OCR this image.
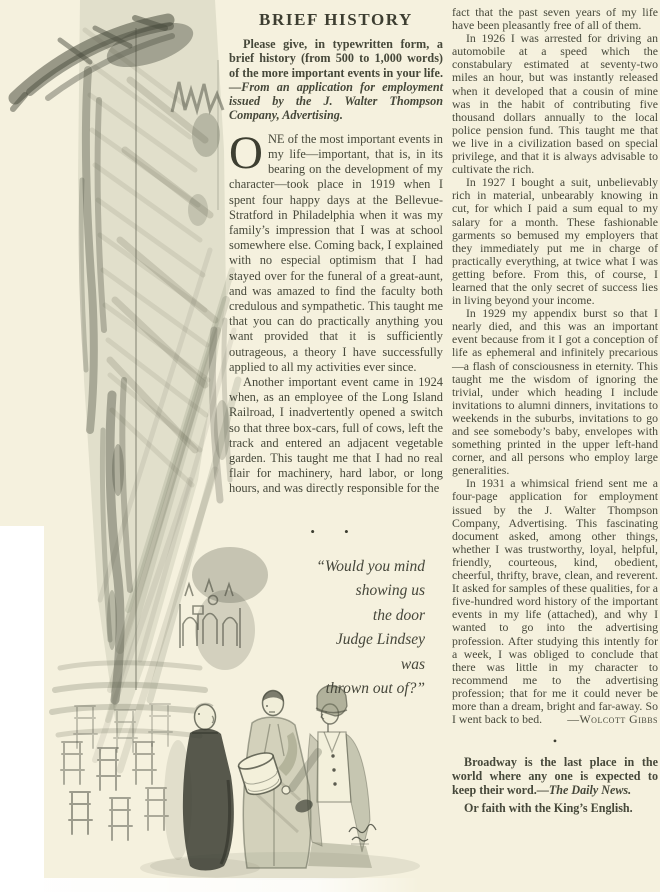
BRIEF HISTORY

Please give, in typewritten form, a brief history (from 500 to 1,000 words) of the more important events in your life.—From an application for employment issued by the J. Walter Thompson Company, Advertising.

ONE of the most important events in my life—important, that is, in its bearing on the development of my character—took place in 1919 when I spent four happy days at the Bellevue-Stratford in Philadelphia when it was my family’s impression that I was at school somewhere else. Coming back, I explained with no especial optimism that I had stayed over for the funeral of a great-aunt, and was amazed to find the faculty both credulous and sympathetic. This taught me that you can do practically anything you want provided that it is sufficiently outrageous, a theory I have successfully applied to all my activities ever since.

Another important event came in 1924 when, as an employee of the Long Island Railroad, I inadvertently opened a switch so that three box-cars, full of cows, left the track and entered an adjacent vegetable garden. This taught me that I had no real flair for machinery, hard labor, or long hours, and was directly responsible for the

• •
“Would you mind
showing us
the door
Judge Lindsey
was
thrown out of?”

fact that the past seven years of my life have been pleasantly free of all of them.

In 1926 I was arrested for driving an automobile at a speed which the constabulary estimated at seventy-two miles an hour, but was instantly released when it developed that a cousin of mine was in the habit of contributing five thousand dollars annually to the local police pension fund. This taught me that we live in a civilization based on special privilege, and that it is always advisable to cultivate the rich.

In 1927 I bought a suit, unbelievably rich in material, unbearably knowing in cut, for which I paid a sum equal to my salary for a month. These fashionable garments so bemused my employers that they immediately put me in charge of practically everything, at twice what I was getting before. From this, of course, I learned that the only secret of success lies in living beyond your income.

In 1929 my appendix burst so that I nearly died, and this was an important event because from it I got a conception of life as ephemeral and infinitely precarious—a flash of consciousness in eternity. This taught me the wisdom of ignoring the trivial, under which heading I include invitations to alumni dinners, invitations to weekends in the suburbs, invitations to go and see somebody’s baby, envelopes with something printed in the upper left-hand corner, and all persons who employ large generalities.

In 1931 a whimsical friend sent me a four-page application for employment issued by the J. Walter Thompson Company, Advertising. This fascinating document asked, among other things, whether I was trustworthy, loyal, helpful, friendly, courteous, kind, obedient, cheerful, thrifty, brave, clean, and reverent. It asked for samples of these qualities, for a five-hundred word history of the important events in my life (attached), and why I wanted to go into the advertising profession. After studying this intently for a week, I was obliged to conclude that there was little in my character to recommend me to the advertising profession; that for me it could never be more than a dream, bright and far-away. So I went back to bed.	—Wolcott Gibbs

•

Broadway is the last place in the world where any one is expected to keep their word.—The Daily News.

Or faith with the King’s English.
